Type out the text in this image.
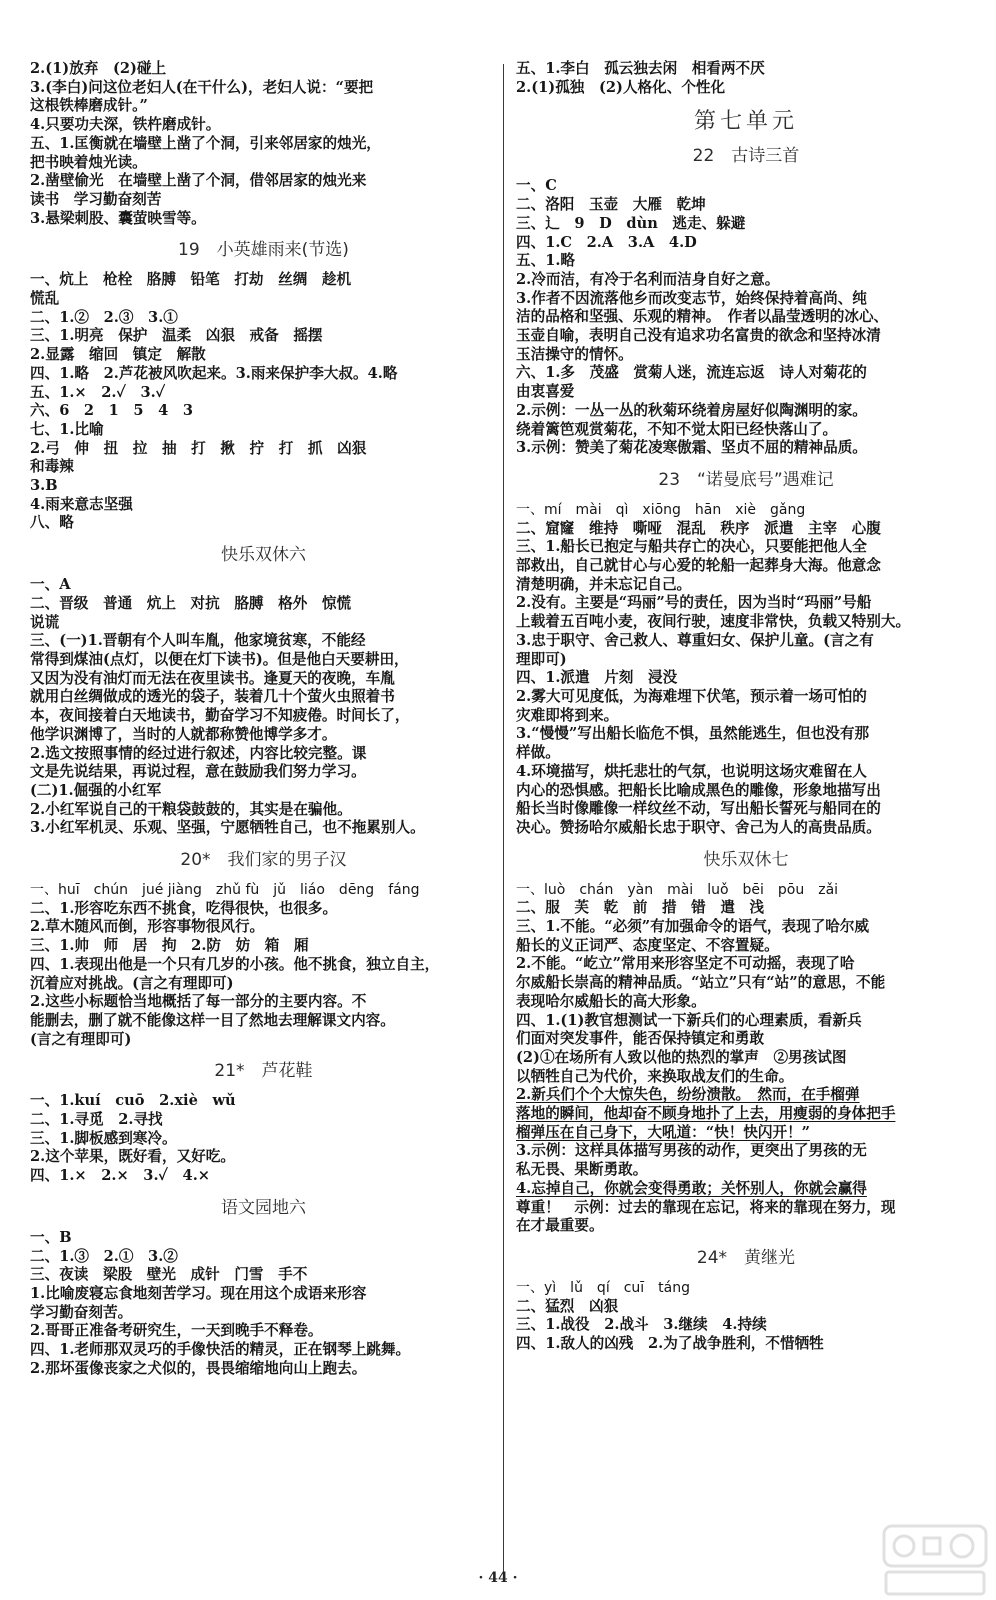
2.(1)放弃　(2)碰上
3.(李白)问这位老妇人(在干什么)，老妇人说：“要把
这根铁棒磨成针。”
4.只要功夫深，铁杵磨成针。
五、1.匡衡就在墙壁上凿了个洞，引来邻居家的烛光，
把书映着烛光读。
2.凿壁偷光　在墙壁上凿了个洞，借邻居家的烛光来
读书　学习勤奋刻苦
3.悬梁刺股、囊萤映雪等。
19　小英雄雨来(节选)
一、炕上　枪栓　胳膊　铅笔　打劫　丝绸　趁机
慌乱
二、1.②　2.③　3.①
三、1.明亮　保护　温柔　凶狠　戒备　摇摆
2.显露　缩回　镇定　解散
四、1.略　2.芦花被风吹起来。3.雨来保护李大叔。4.略
五、1.×　2.✓　3.✓
六、6　2　1　5　4　3
七、1.比喻
2.弓　伸　扭　拉　抽　打　揪　拧　打　抓　凶狠
和毒辣
3.B
4.雨来意志坚强
八、略
快乐双休六
一、A
二、晋级　普通　炕上　对抗　胳膊　格外　惊慌
说谎
三、(一)1.晋朝有个人叫车胤，他家境贫寒，不能经
常得到煤油(点灯，以便在灯下读书)。但是他白天要耕田，
又因为没有油灯而无法在夜里读书。逢夏天的夜晚，车胤
就用白丝绸做成的透光的袋子，装着几十个萤火虫照着书
本，夜间接着白天地读书，勤奋学习不知疲倦。时间长了，
他学识渊博了，当时的人就都称赞他博学多才。
2.选文按照事情的经过进行叙述，内容比较完整。课
文是先说结果，再说过程，意在鼓励我们努力学习。
(二)1.倔强的小红军
2.小红军说自己的干粮袋鼓鼓的，其实是在骗他。
3.小红军机灵、乐观、坚强，宁愿牺牲自己，也不拖累别人。
20*　我们家的男子汉
一、huī　chún　jué jiàng　zhǔ fù　jǔ　liáo　dēng　fáng
二、1.形容吃东西不挑食，吃得很快，也很多。
2.草木随风而倒，形容事物很风行。
三、1.帅　师　居　拘　2.防　妨　箱　厢
四、1.表现出他是一个只有几岁的小孩。他不挑食，独立自主，
沉着应对挑战。(言之有理即可)
2.这些小标题恰当地概括了每一部分的主要内容。不
能删去，删了就不能像这样一目了然地去理解课文内容。
(言之有理即可)
21*　芦花鞋
一、1.kuí　cuō　2.xiè　wǔ
二、1.寻觅　2.寻找
三、1.脚板感到寒冷。
2.这个苹果，既好看，又好吃。
四、1.×　2.×　3.✓　4.×
语文园地六
一、B
二、1.③　2.①　3.②
三、夜读　梁股　壁光　成针　门雪　手不
1.比喻废寝忘食地刻苦学习。现在用这个成语来形容
学习勤奋刻苦。
2.哥哥正准备考研究生，一天到晚手不释卷。
四、1.老师那双灵巧的手像快活的精灵，正在钢琴上跳舞。
2.那坏蛋像丧家之犬似的，畏畏缩缩地向山上跑去。
五、1.李白　孤云独去闲　相看两不厌
2.(1)孤独　(2)人格化、个性化
第七单元
22　古诗三首
一、C
二、洛阳　玉壶　大雁　乾坤
三、辶　9　D　dùn　逃走、躲避
四、1.C　2.A　3.A　4.D
五、1.略
2.冷而洁，有冷于名利而洁身自好之意。
3.作者不因流落他乡而改变志节，始终保持着高尚、纯
洁的品格和坚强、乐观的精神。　作者以晶莹透明的冰心、
玉壶自喻，表明自己没有追求功名富贵的欲念和坚持冰清
玉洁操守的情怀。
六、1.多　茂盛　赏菊人迷，流连忘返　诗人对菊花的
由衷喜爱
2.示例：一丛一丛的秋菊环绕着房屋好似陶渊明的家。
绕着篱笆观赏菊花，不知不觉太阳已经快落山了。
3.示例：赞美了菊花凌寒傲霜、坚贞不屈的精神品质。
23　“诺曼底号”遇难记
一、mí　mài　qì　xiōng　hān　xiè　gǎng
二、窟窿　维持　嘶哑　混乱　秩序　派遣　主宰　心腹
三、1.船长已抱定与船共存亡的决心，只要能把他人全
部救出，自己就甘心与心爱的轮船一起葬身大海。他意念
清楚明确，并未忘记自己。
2.没有。主要是“玛丽”号的责任，因为当时“玛丽”号船
上载着五百吨小麦，夜间行驶，速度非常快，负载又特别大。
3.忠于职守、舍己救人、尊重妇女、保护儿童。(言之有
理即可)
四、1.派遣　片刻　浸没
2.雾大可见度低，为海难埋下伏笔，预示着一场可怕的
灾难即将到来。
3.“慢慢”写出船长临危不惧，虽然能逃生，但也没有那
样做。
4.环境描写，烘托悲壮的气氛，也说明这场灾难留在人
内心的恐惧感。把船长比喻成黑色的雕像，形象地描写出
船长当时像雕像一样纹丝不动，写出船长誓死与船同在的
决心。赞扬哈尔威船长忠于职守、舍己为人的高贵品质。
快乐双休七
一、luò　chán　yàn　mài　luǒ　bēi　pōu　zǎi
二、服　芙　乾　前　措　错　遣　浅
三、1.不能。“必须”有加强命令的语气，表现了哈尔威
船长的义正词严、态度坚定、不容置疑。
2.不能。“屹立”常用来形容坚定不可动摇，表现了哈
尔威船长崇高的精神品质。“站立”只有“站”的意思，不能
表现哈尔威船长的高大形象。
四、1.(1)教官想测试一下新兵们的心理素质，看新兵
们面对突发事件，能否保持镇定和勇敢
(2)①在场所有人致以他的热烈的掌声　②男孩试图
以牺牲自己为代价，来换取战友们的生命。
2.新兵们个个大惊失色，纷纷溃散。　然而，在手榴弹
落地的瞬间，他却奋不顾身地扑了上去，用瘦弱的身体把手
榴弹压在自己身下，大吼道：“快！快闪开！”
3.示例：这样具体描写男孩的动作，更突出了男孩的无
私无畏、果断勇敢。
4.忘掉自己，你就会变得勇敢；关怀别人，你就会赢得
尊重！　示例：过去的靠现在忘记，将来的靠现在努力，现
在才最重要。
24*　黄继光
一、yì　lǔ　qí　cuī　táng
二、猛烈　凶狠
三、1.战役　2.战斗　3.继续　4.持续
四、1.敌人的凶残　2.为了战争胜利，不惜牺牲
· 44 ·
